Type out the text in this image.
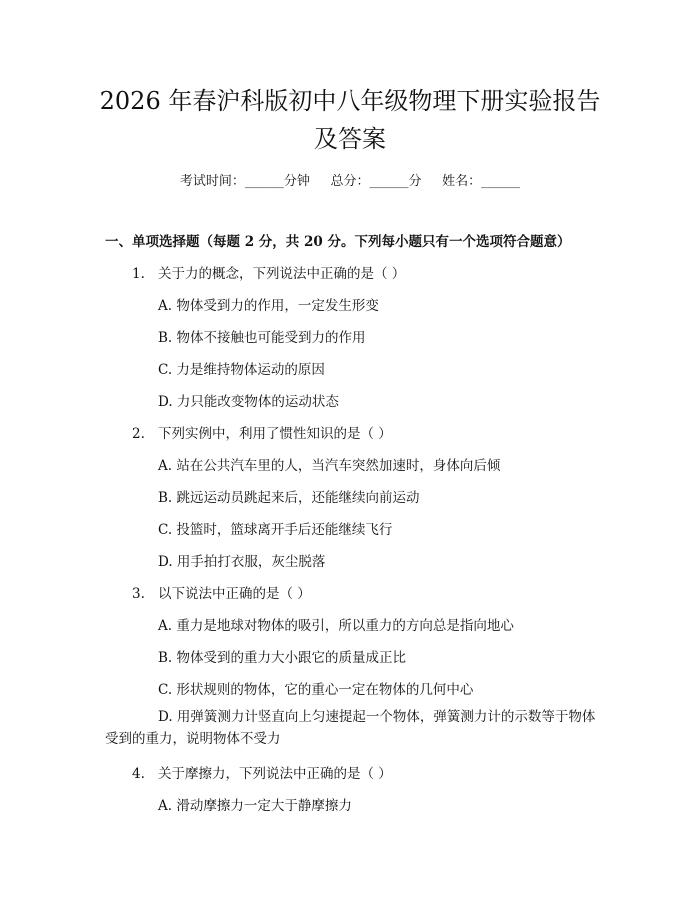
2026 年春沪科版初中八年级物理下册实验报告及答案
考试时间：______分钟     总分：______分     姓名：______
一、单项选择题（每题 2 分，共 20 分。下列每小题只有一个选项符合题意）
1. 关于力的概念，下列说法中正确的是（ ）
A. 物体受到力的作用，一定发生形变
B. 物体不接触也可能受到力的作用
C. 力是维持物体运动的原因
D. 力只能改变物体的运动状态
2. 下列实例中，利用了惯性知识的是（ ）
A. 站在公共汽车里的人，当汽车突然加速时，身体向后倾
B. 跳远运动员跳起来后，还能继续向前运动
C. 投篮时，篮球离开手后还能继续飞行
D. 用手拍打衣服，灰尘脱落
3. 以下说法中正确的是（ ）
A. 重力是地球对物体的吸引，所以重力的方向总是指向地心
B. 物体受到的重力大小跟它的质量成正比
C. 形状规则的物体，它的重心一定在物体的几何中心
D. 用弹簧测力计竖直向上匀速提起一个物体，弹簧测力计的示数等于物体受到的重力，说明物体不受力
4. 关于摩擦力，下列说法中正确的是（ ）
A. 滑动摩擦力一定大于静摩擦力
